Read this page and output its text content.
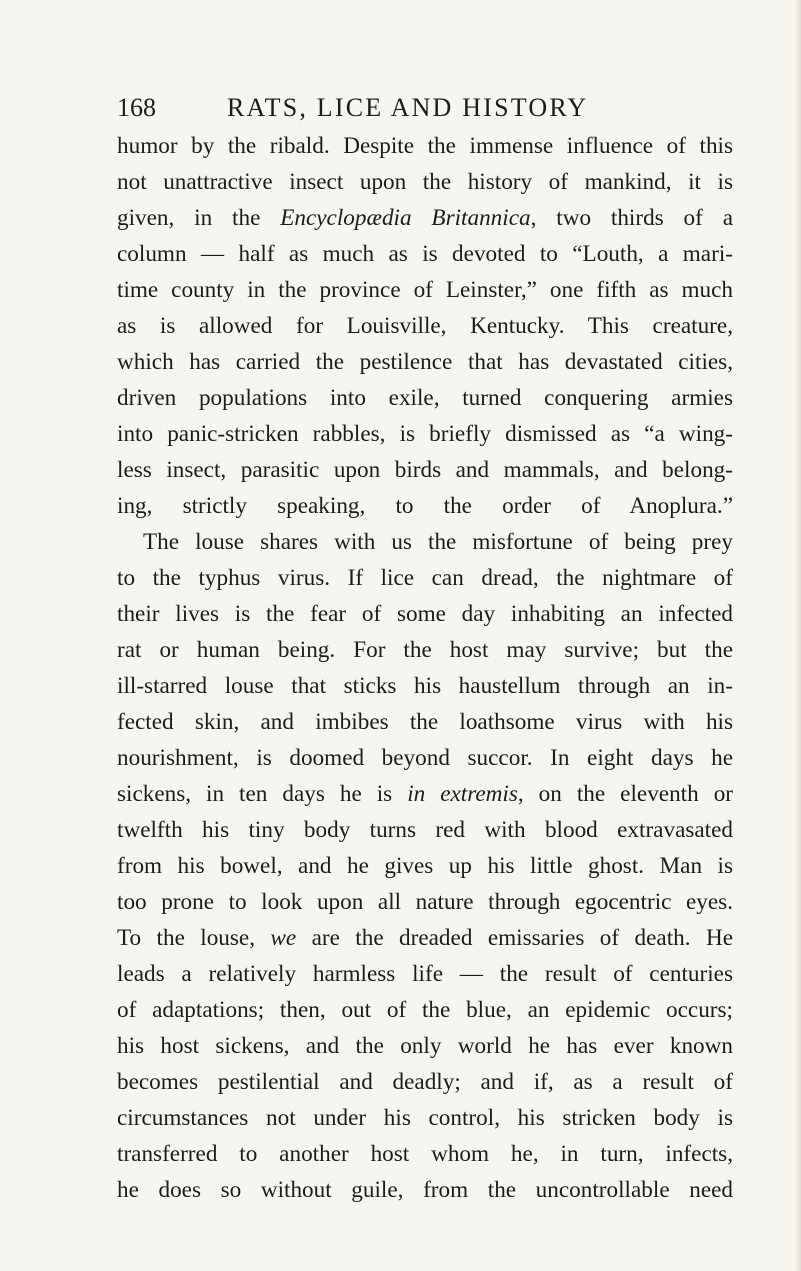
168	RATS, LICE AND HISTORY
humor by the ribald. Despite the immense influence of this
not unattractive insect upon the history of mankind, it is
given, in the Encyclopædia Britannica, two thirds of a
column — half as much as is devoted to “Louth, a mari-
time county in the province of Leinster,” one fifth as much
as is allowed for Louisville, Kentucky. This creature,
which has carried the pestilence that has devastated cities,
driven populations into exile, turned conquering armies
into panic-stricken rabbles, is briefly dismissed as “a wing-
less insect, parasitic upon birds and mammals, and belong-
ing, strictly speaking, to the order of Anoplura.”
The louse shares with us the misfortune of being prey
to the typhus virus. If lice can dread, the nightmare of
their lives is the fear of some day inhabiting an infected
rat or human being. For the host may survive; but the
ill-starred louse that sticks his haustellum through an in-
fected skin, and imbibes the loathsome virus with his
nourishment, is doomed beyond succor. In eight days he
sickens, in ten days he is in extremis, on the eleventh or
twelfth his tiny body turns red with blood extravasated
from his bowel, and he gives up his little ghost. Man is
too prone to look upon all nature through egocentric eyes.
To the louse, we are the dreaded emissaries of death. He
leads a relatively harmless life — the result of centuries
of adaptations; then, out of the blue, an epidemic occurs;
his host sickens, and the only world he has ever known
becomes pestilential and deadly; and if, as a result of
circumstances not under his control, his stricken body is
transferred to another host whom he, in turn, infects,
he does so without guile, from the uncontrollable need
